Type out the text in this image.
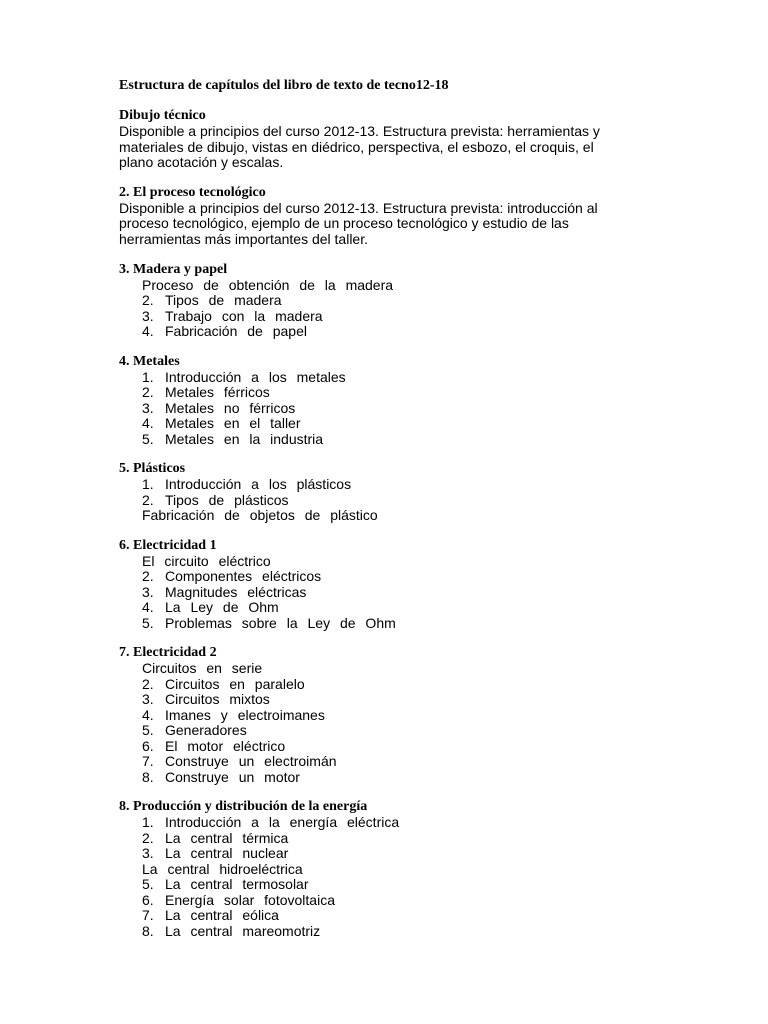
Estructura de capítulos del libro de texto de tecno12-18
Dibujo técnico
Disponible a principios del curso 2012-13. Estructura prevista: herramientas y materiales de dibujo, vistas en diédrico, perspectiva, el esbozo, el croquis, el plano acotación y escalas.
2. El proceso tecnológico
Disponible a principios del curso 2012-13. Estructura prevista: introducción al proceso tecnológico, ejemplo de un proceso tecnológico y estudio de las herramientas más importantes del taller.
3. Madera y papel
Proceso de obtención de la madera
2. Tipos de madera
3. Trabajo con la madera
4. Fabricación de papel
4. Metales
1. Introducción a los metales
2. Metales férricos
3. Metales no férricos
4. Metales en el taller
5. Metales en la industria
5. Plásticos
1. Introducción a los plásticos
2. Tipos de plásticos
Fabricación de objetos de plástico
6. Electricidad 1
El circuito eléctrico
2. Componentes eléctricos
3. Magnitudes eléctricas
4. La Ley de Ohm
5. Problemas sobre la Ley de Ohm
7. Electricidad 2
Circuitos en serie
2. Circuitos en paralelo
3. Circuitos mixtos
4. Imanes y electroimanes
5. Generadores
6. El motor eléctrico
7. Construye un electroimán
8. Construye un motor
8. Producción y distribución de la energía
1. Introducción a la energía eléctrica
2. La central térmica
3. La central nuclear
La central hidroeléctrica
5. La central termosolar
6. Energía solar fotovoltaica
7. La central eólica
8. La central mareomotriz
